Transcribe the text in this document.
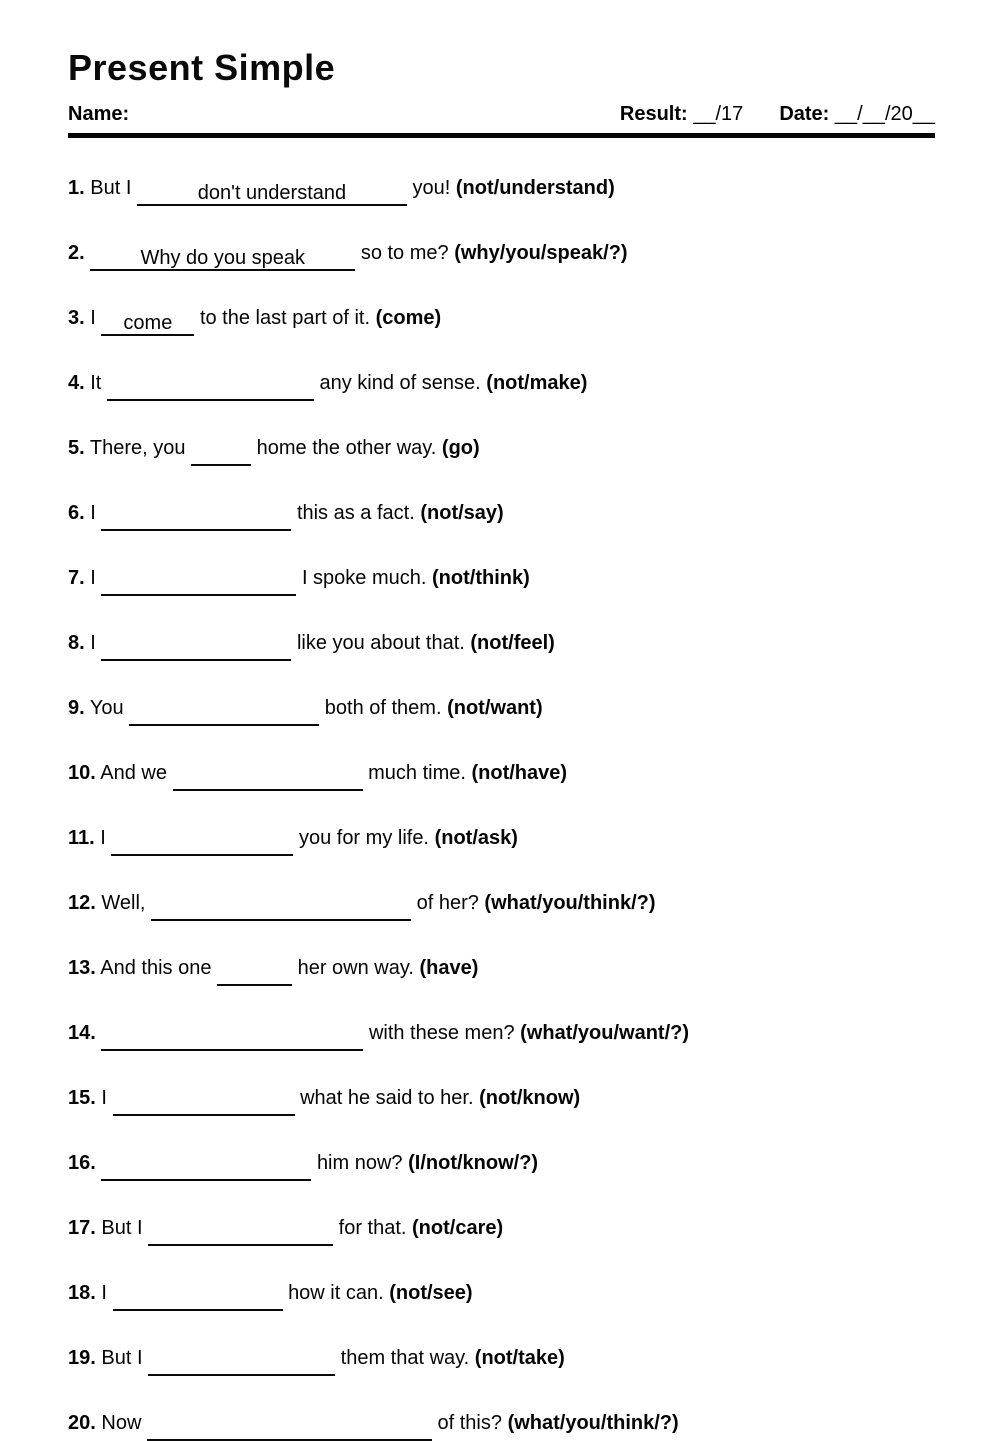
Present Simple
Name:	Result: __/17 Date: __/__/20__
1. But I	don't understand	you! (not/understand)
2.	Why do you speak	so to me? (why/you/speak/?)
3. I come to the last part of it. (come)
4. It	any kind of sense. (not/make)
5. There, you	home the other way. (go)
6. I	this as a fact. (not/say)
7. I	I spoke much. (not/think)
8. I	like you about that. (not/feel)
9. You	both of them. (not/want)
10. And we	much time. (not/have)
11. I	you for my life. (not/ask)
12. Well,	of her? (what/you/think/?)
13. And this one	her own way. (have)
14.	with these men? (what/you/want/?)
15. I	what he said to her. (not/know)
16.	him now? (I/not/know/?)
17. But I	for that. (not/care)
18. I	how it can. (not/see)
19. But I	them that way. (not/take)
20. Now	of this? (what/you/think/?)
